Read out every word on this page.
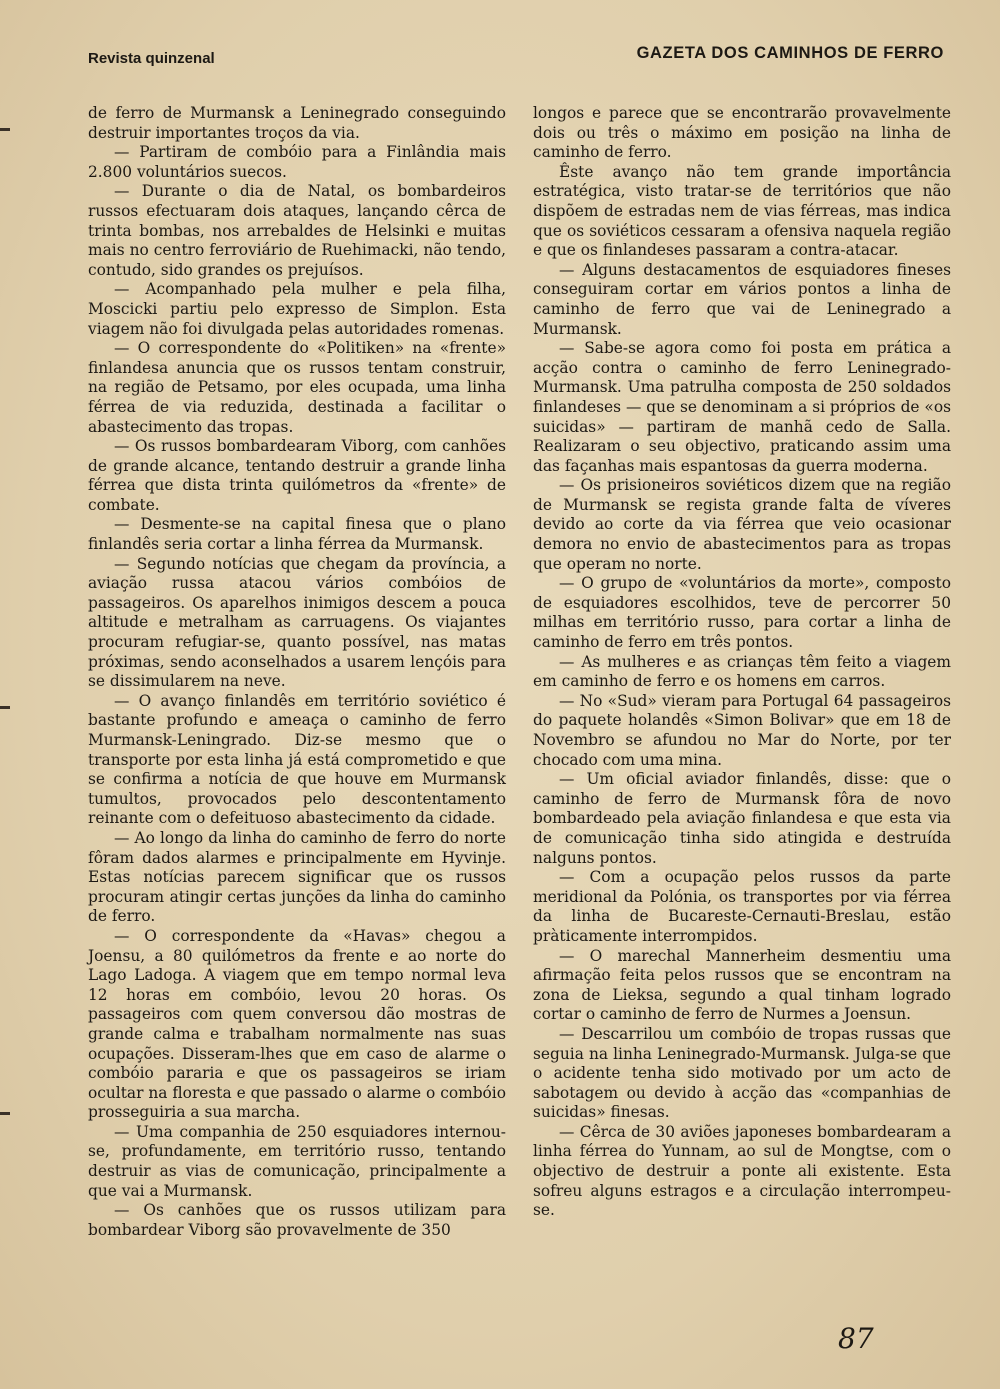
Revista quinzenal	GAZETA DOS CAMINHOS DE FERRO

de ferro de Murmansk a Leninegrado conseguindo destruir importantes troços da via.

— Partiram de combóio para a Finlândia mais 2.800 voluntários suecos.

— Durante o dia de Natal, os bombardeiros russos efectuaram dois ataques, lançando cêrca de trinta bombas, nos arrebaldes de Helsinki e muitas mais no centro ferroviário de Ruehimacki, não tendo, contudo, sido grandes os prejuísos.

— Acompanhado pela mulher e pela filha, Moscicki partiu pelo expresso de Simplon. Esta viagem não foi divulgada pelas autoridades romenas.

— O correspondente do «Politiken» na «frente» finlandesa anuncia que os russos tentam construir, na região de Petsamo, por eles ocupada, uma linha férrea de via reduzida, destinada a facilitar o abastecimento das tropas.

— Os russos bombardearam Viborg, com canhões de grande alcance, tentando destruir a grande linha férrea que dista trinta quilómetros da «frente» de combate.

— Desmente-se na capital finesa que o plano finlandês seria cortar a linha férrea da Murmansk.

— Segundo notícias que chegam da província, a aviação russa atacou vários combóios de passageiros. Os aparelhos inimigos descem a pouca altitude e metralham as carruagens. Os viajantes procuram refugiar-se, quanto possível, nas matas próximas, sendo aconselhados a usarem lençóis para se dissimularem na neve.

— O avanço finlandês em território soviético é bastante profundo e ameaça o caminho de ferro Murmansk-Leningrado. Diz-se mesmo que o transporte por esta linha já está comprometido e que se confirma a notícia de que houve em Murmansk tumultos, provocados pelo descontentamento reinante com o defeituoso abastecimento da cidade.

— Ao longo da linha do caminho de ferro do norte fôram dados alarmes e principalmente em Hyvinje. Estas notícias parecem significar que os russos procuram atingir certas junções da linha do caminho de ferro.

— O correspondente da «Havas» chegou a Joensu, a 80 quilómetros da frente e ao norte do Lago Ladoga. A viagem que em tempo normal leva 12 horas em combóio, levou 20 horas. Os passageiros com quem conversou dão mostras de grande calma e trabalham normalmente nas suas ocupações. Disseram-lhes que em caso de alarme o combóio pararia e que os passageiros se iriam ocultar na floresta e que passado o alarme o combóio prosseguiria a sua marcha.

— Uma companhia de 250 esquiadores internou-se, profundamente, em território russo, tentando destruir as vias de comunicação, principalmente a que vai a Murmansk.

— Os canhões que os russos utilizam para bombardear Viborg são provavelmente de 350

longos e parece que se encontrarão provavelmente dois ou três o máximo em posição na linha de caminho de ferro.

Êste avanço não tem grande importância estratégica, visto tratar-se de territórios que não dispõem de estradas nem de vias férreas, mas indica que os soviéticos cessaram a ofensiva naquela região e que os finlandeses passaram a contra-atacar.

— Alguns destacamentos de esquiadores fineses conseguiram cortar em vários pontos a linha de caminho de ferro que vai de Leninegrado a Murmansk.

— Sabe-se agora como foi posta em prática a acção contra o caminho de ferro Leninegrado-Murmansk. Uma patrulha composta de 250 soldados finlandeses — que se denominam a si próprios de «os suicidas» — partiram de manhã cedo de Salla. Realizaram o seu objectivo, praticando assim uma das façanhas mais espantosas da guerra moderna.

— Os prisioneiros soviéticos dizem que na região de Murmansk se regista grande falta de víveres devido ao corte da via férrea que veio ocasionar demora no envio de abastecimentos para as tropas que operam no norte.

— O grupo de «voluntários da morte», composto de esquiadores escolhidos, teve de percorrer 50 milhas em território russo, para cortar a linha de caminho de ferro em três pontos.

— As mulheres e as crianças têm feito a viagem em caminho de ferro e os homens em carros.

— No «Sud» vieram para Portugal 64 passageiros do paquete holandês «Simon Bolivar» que em 18 de Novembro se afundou no Mar do Norte, por ter chocado com uma mina.

— Um oficial aviador finlandês, disse: que o caminho de ferro de Murmansk fôra de novo bombardeado pela aviação finlandesa e que esta via de comunicação tinha sido atingida e destruída nalguns pontos.

— Com a ocupação pelos russos da parte meridional da Polónia, os transportes por via férrea da linha de Bucareste-Cernauti-Breslau, estão pràticamente interrompidos.

— O marechal Mannerheim desmentiu uma afirmação feita pelos russos que se encontram na zona de Lieksa, segundo a qual tinham logrado cortar o caminho de ferro de Nurmes a Joensun.

— Descarrilou um combóio de tropas russas que seguia na linha Leninegrado-Murmansk. Julga-se que o acidente tenha sido motivado por um acto de sabotagem ou devido à acção das «companhias de suicidas» finesas.

— Cêrca de 30 aviões japoneses bombardearam a linha férrea do Yunnam, ao sul de Mongtse, com o objectivo de destruir a ponte ali existente. Esta sofreu alguns estragos e a circulação interrompeu-se.

87
